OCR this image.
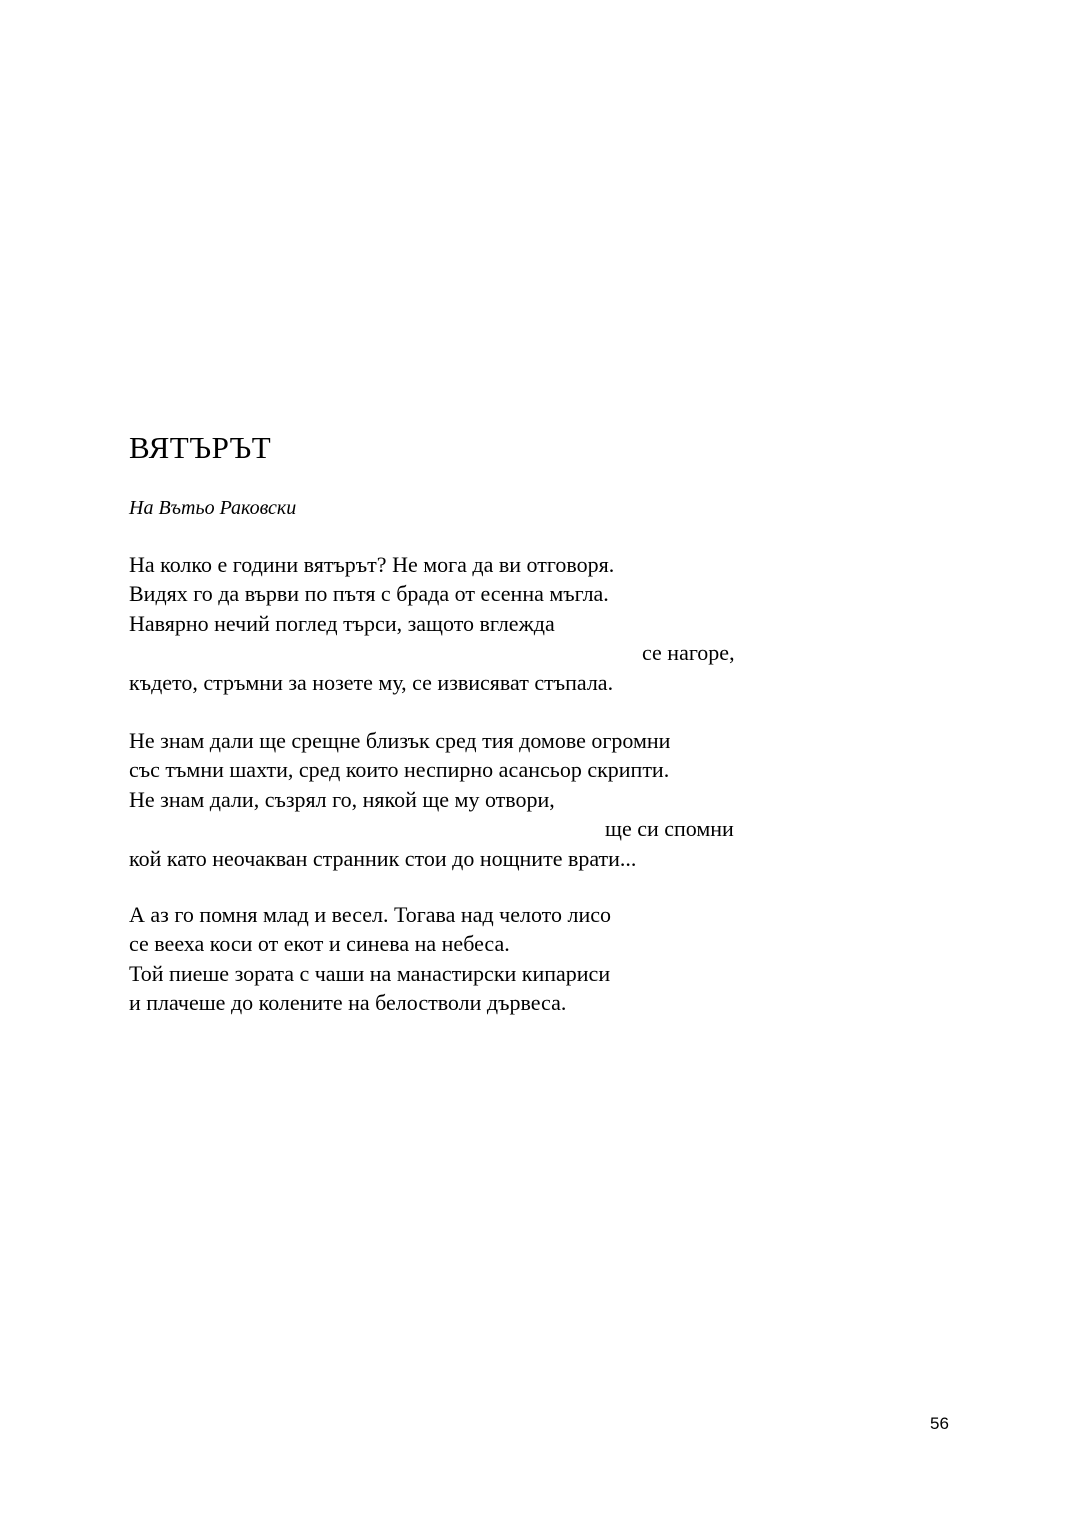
ВЯТЪРЪТ
На Вътьо Раковски
На колко е години вятърът? Не мога да ви отговоря.
Видях го да върви по пътя с брада от есенна мъгла.
Навярно нечий поглед търси, защото вглежда
се нагоре,
където, стръмни за нозете му, се извисяват стъпала.
Не знам дали ще срещне близък сред тия домове огромни
със тъмни шахти, сред които неспирно асансьор скрипти.
Не знам дали, съзрял го, някой ще му отвори,
ще си спомни
кой като неочакван странник стои до нощните врати...
А аз го помня млад и весел. Тогава над челото лисо
се вееха коси от екот и синева на небеса.
Той пиеше зората с чаши на манастирски кипариси
и плачеше до колените на белостволи дървеса.
56
